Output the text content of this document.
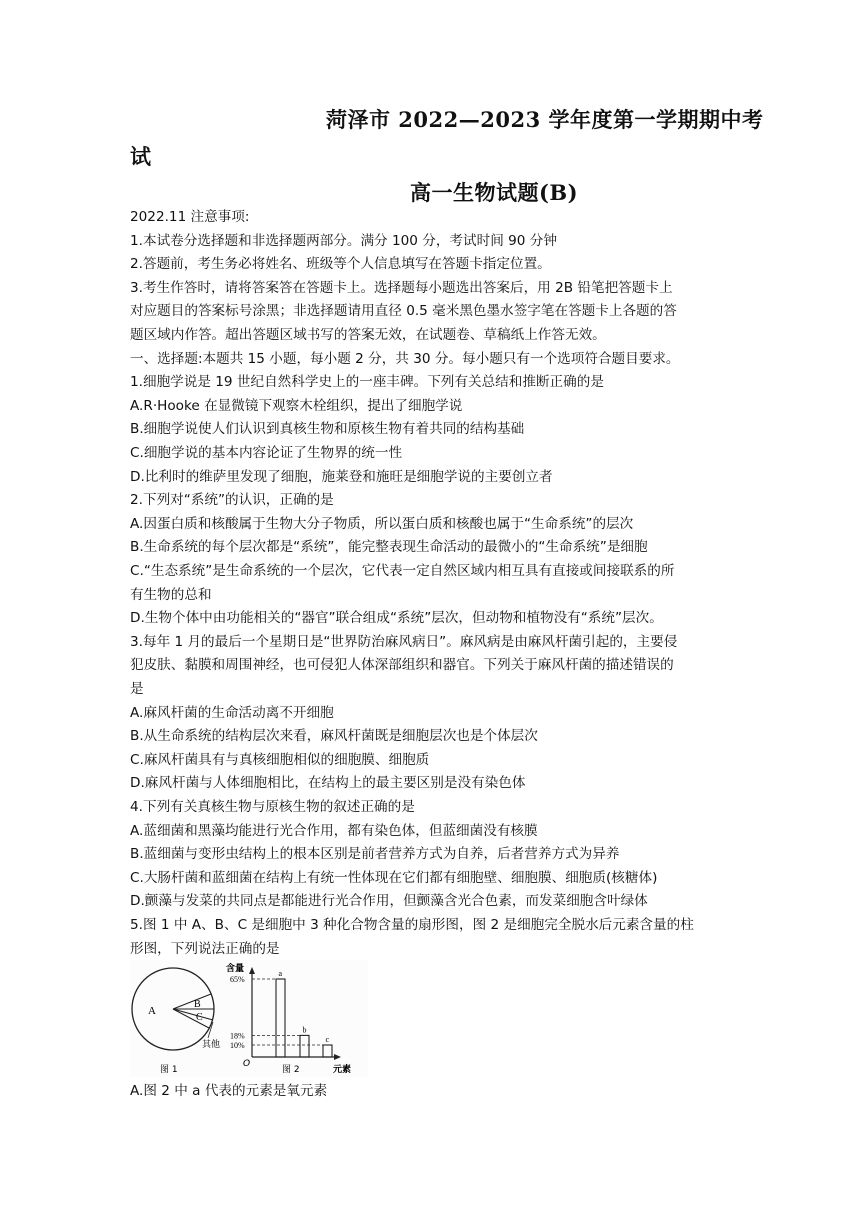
菏泽市 2022—2023 学年度第一学期期中考
试
高一生物试题(B)
2022.11 注意事项:
1.本试卷分选择题和非选择题两部分。满分 100 分，考试时间 90 分钟
2.答题前，考生务必将姓名、班级等个人信息填写在答题卡指定位置。
3.考生作答时，请将答案答在答题卡上。选择题每小题选出答案后，用 2B 铅笔把答题卡上
对应题目的答案标号涂黑；非选择题请用直径 0.5 毫米黑色墨水签字笔在答题卡上各题的答
题区域内作答。超出答题区域书写的答案无效，在试题卷、草稿纸上作答无效。
一、选择题:本题共 15 小题，每小题 2 分，共 30 分。每小题只有一个选项符合题目要求。
1.细胞学说是 19 世纪自然科学史上的一座丰碑。下列有关总结和推断正确的是
A.R·Hooke 在显微镜下观察木栓组织，提出了细胞学说
B.细胞学说使人们认识到真核生物和原核生物有着共同的结构基础
C.细胞学说的基本内容论证了生物界的统一性
D.比利时的维萨里发现了细胞，施莱登和施旺是细胞学说的主要创立者
2.下列对“系统”的认识，正确的是
A.因蛋白质和核酸属于生物大分子物质，所以蛋白质和核酸也属于“生命系统”的层次
B.生命系统的每个层次都是“系统”，能完整表现生命活动的最微小的“生命系统”是细胞
C.“生态系统”是生命系统的一个层次，它代表一定自然区域内相互具有直接或间接联系的所
有生物的总和
D.生物个体中由功能相关的“器官”联合组成“系统”层次，但动物和植物没有“系统”层次。
3.每年 1 月的最后一个星期日是“世界防治麻风病日”。麻风病是由麻风杆菌引起的，主要侵
犯皮肤、黏膜和周围神经，也可侵犯人体深部组织和器官。下列关于麻风杆菌的描述错误的
是
A.麻风杆菌的生命活动离不开细胞
B.从生命系统的结构层次来看，麻风杆菌既是细胞层次也是个体层次
C.麻风杆菌具有与真核细胞相似的细胞膜、细胞质
D.麻风杆菌与人体细胞相比，在结构上的最主要区别是没有染色体
4.下列有关真核生物与原核生物的叙述正确的是
A.蓝细菌和黑藻均能进行光合作用，都有染色体，但蓝细菌没有核膜
B.蓝细菌与变形虫结构上的根本区别是前者营养方式为自养，后者营养方式为异养
C.大肠杆菌和蓝细菌在结构上有统一性体现在它们都有细胞壁、细胞膜、细胞质(核糖体)
D.颤藻与发菜的共同点是都能进行光合作用，但颤藻含光合色素，而发菜细胞含叶绿体
5.图 1 中 A、B、C 是细胞中 3 种化合物含量的扇形图，图 2 是细胞完全脱水后元素含量的柱
形图，下列说法正确的是
A
B
C
其他
图 1
含量
O
元素
图 2
a
65%
b
18%	c
10%
A.图 2 中 a 代表的元素是氧元素
